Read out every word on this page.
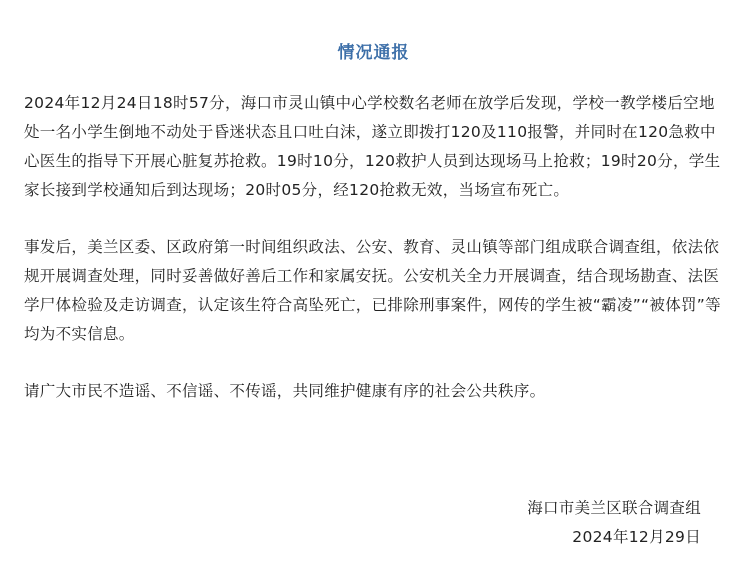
情况通报

2024年12月24日18时57分，海口市灵山镇中心学校数名老师在放学后发现，学校一教学楼后空地处一名小学生倒地不动处于昏迷状态且口吐白沫，遂立即拨打120及110报警，并同时在120急救中心医生的指导下开展心脏复苏抢救。19时10分，120救护人员到达现场马上抢救；19时20分，学生家长接到学校通知后到达现场；20时05分，经120抢救无效，当场宣布死亡。

事发后，美兰区委、区政府第一时间组织政法、公安、教育、灵山镇等部门组成联合调查组，依法依规开展调查处理，同时妥善做好善后工作和家属安抚。公安机关全力开展调查，结合现场勘查、法医学尸体检验及走访调查，认定该生符合高坠死亡，已排除刑事案件，网传的学生被“霸凌”“被体罚”等均为不实信息。

请广大市民不造谣、不信谣、不传谣，共同维护健康有序的社会公共秩序。

海口市美兰区联合调查组
2024年12月29日
